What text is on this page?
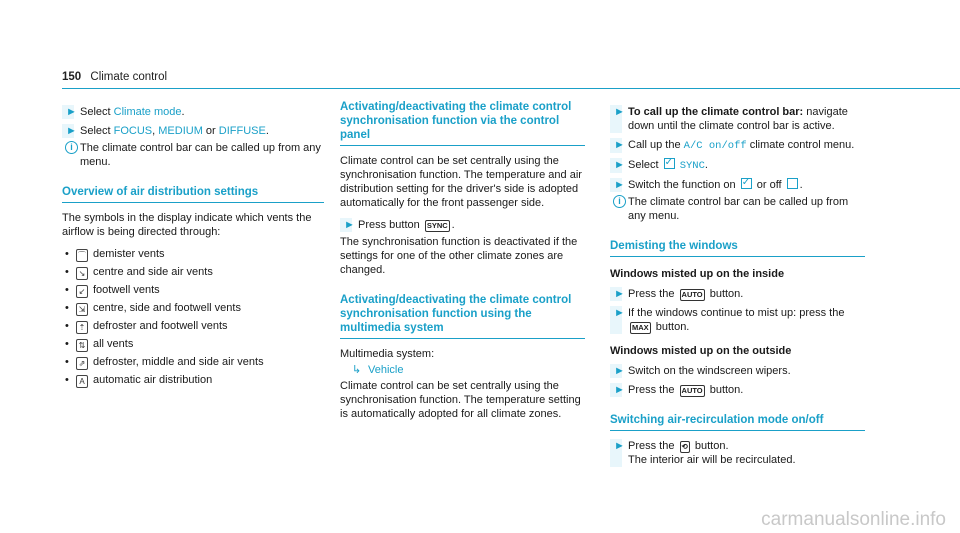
150 Climate control
► Select Climate mode.
► Select FOCUS, MEDIUM or DIFFUSE.
i The climate control bar can be called up from any menu.
Overview of air distribution settings

The symbols in the display indicate which vents the airflow is being directed through:

• ⌒ demister vents
• ↘ centre and side air vents
• ↙ footwell vents
• ⇲ centre, side and footwell vents
• ⇡ defroster and footwell vents
• ⇅ all vents
• ⇗ defroster, middle and side air vents
• A automatic air distribution
Activating/deactivating the climate control synchronisation function via the control panel

Climate control can be set centrally using the synchronisation function. The temperature and air distribution setting for the driver's side is adopted automatically for the front passenger side.

► Press button SYNC .

The synchronisation function is deactivated if the settings for one of the other climate zones are changed.

Activating/deactivating the climate control synchronisation function using the multimedia system
Multimedia system:
↳ Vehicle

Climate control can be set centrally using the synchronisation function. The temperature setting is automatically adopted for all climate zones.

► To call up the climate control bar: navigate down until the climate control bar is active.
► Call up the A/C on/off climate control menu.
► Select ✓ SYNC.
► Switch the function on ✓ or off .
i The climate control bar can be called up from any menu.
Demisting the windows
Windows misted up on the inside
► Press the AUTO button.
► If the windows continue to mist up: press the MAX button.
Windows misted up on the outside
► Switch on the windscreen wipers.
► Press the AUTO button.
Switching air-recirculation mode on/off
► Press the ⟲ button.
The interior air will be recirculated.
carmanualsonline.info
